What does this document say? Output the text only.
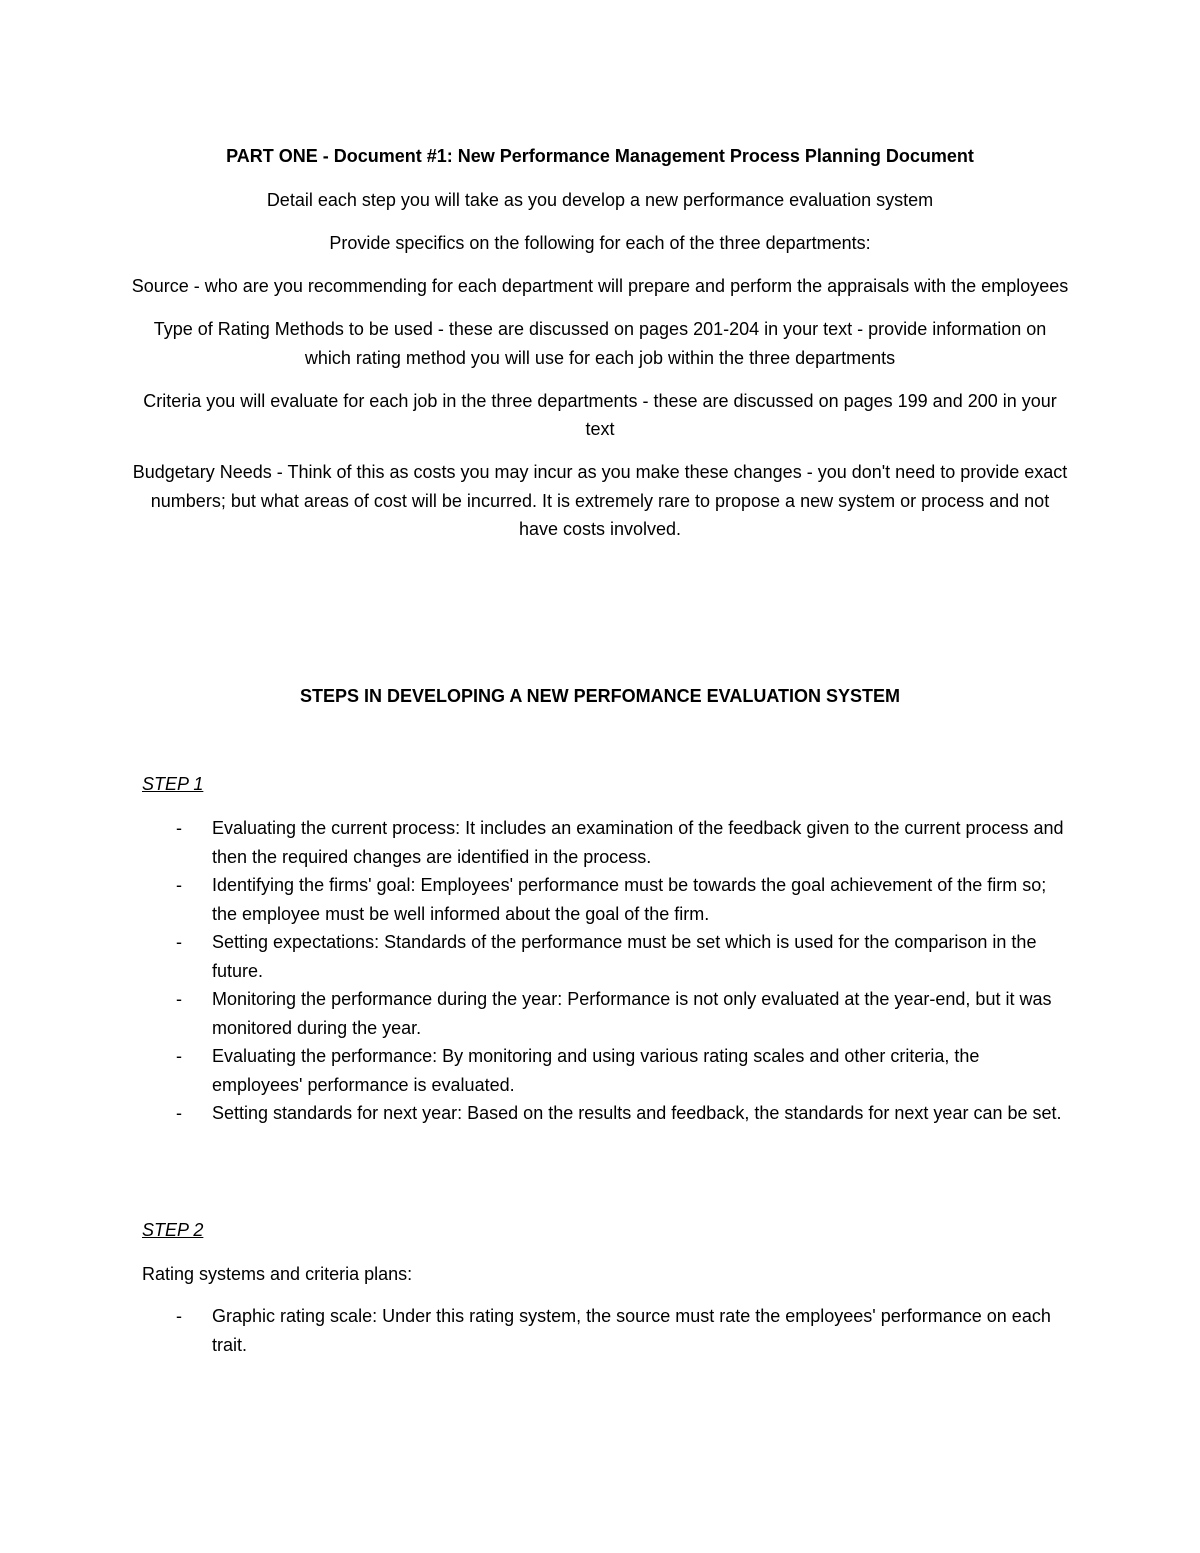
PART ONE - Document #1: New Performance Management Process Planning Document

Detail each step you will take as you develop a new performance evaluation system

Provide specifics on the following for each of the three departments:

Source - who are you recommending for each department will prepare and perform the appraisals with the employees

Type of Rating Methods to be used - these are discussed on pages 201-204 in your text - provide information on which rating method you will use for each job within the three departments

Criteria you will evaluate for each job in the three departments - these are discussed on pages 199 and 200 in your text

Budgetary Needs - Think of this as costs you may incur as you make these changes - you don't need to provide exact numbers; but what areas of cost will be incurred. It is extremely rare to propose a new system or process and not have costs involved.

STEPS IN DEVELOPING A NEW PERFOMANCE EVALUATION SYSTEM
STEP 1
- Evaluating the current process: It includes an examination of the feedback given to the current process and then the required changes are identified in the process.
- Identifying the firms' goal: Employees' performance must be towards the goal achievement of the firm so; the employee must be well informed about the goal of the firm.
- Setting expectations: Standards of the performance must be set which is used for the comparison in the future.
- Monitoring the performance during the year: Performance is not only evaluated at the year-end, but it was monitored during the year.
- Evaluating the performance: By monitoring and using various rating scales and other criteria, the employees' performance is evaluated.
- Setting standards for next year: Based on the results and feedback, the standards for next year can be set.
STEP 2
Rating systems and criteria plans:
- Graphic rating scale: Under this rating system, the source must rate the employees' performance on each trait.
